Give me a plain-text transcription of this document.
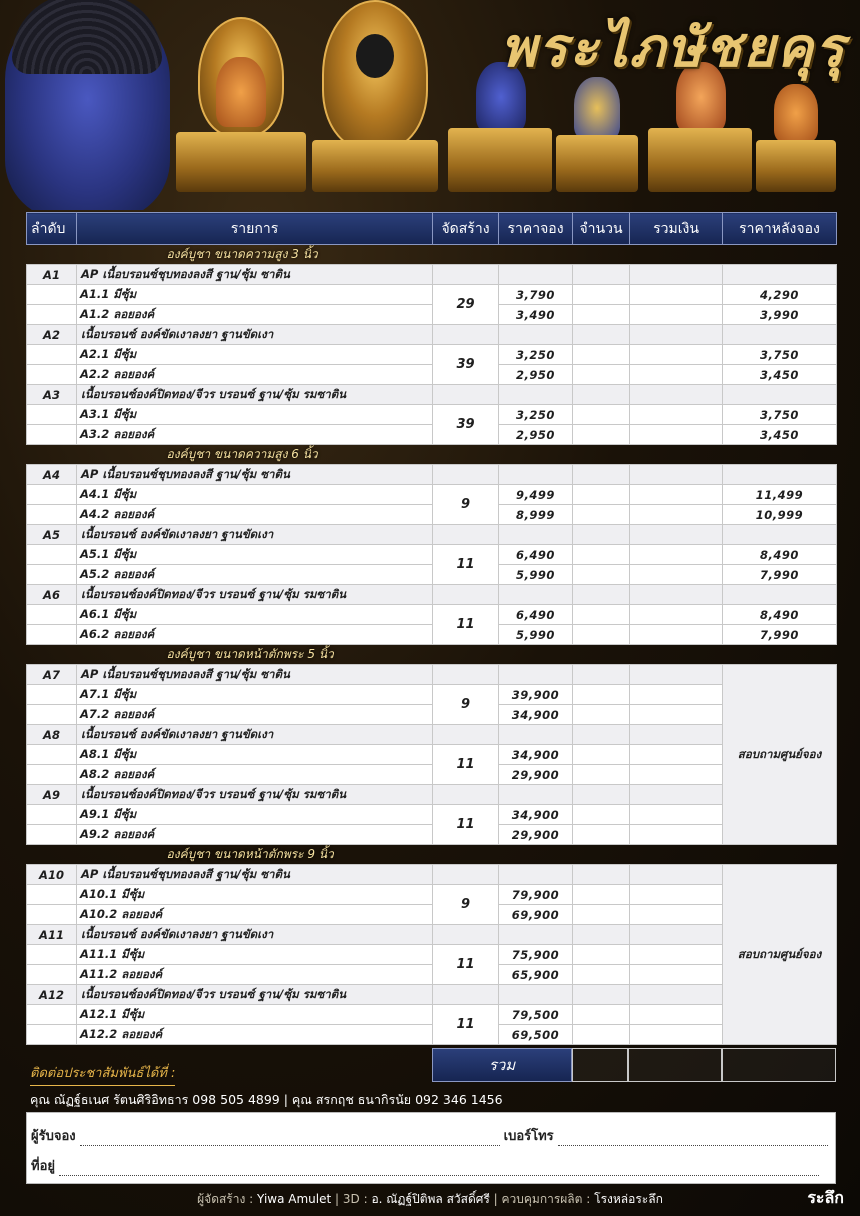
พระไภษัชยคุรุ
ลำดับ	รายการ	จัดสร้าง	ราคาจอง	จำนวน	รวมเงิน	ราคาหลังจอง
องค์บูชา ขนาดความสูง 3 นิ้ว						
A1	AP เนื้อบรอนซ์ชุบทองลงสี ฐาน/ซุ้ม ซาติน					
	A1.1 มีซุ้ม	29	3,790			4,290
	A1.2 ลอยองค์		3,490			3,990
A2	เนื้อบรอนซ์ องค์ขัดเงาลงยา ฐานขัดเงา					
	A2.1 มีซุ้ม	39	3,250			3,750
	A2.2 ลอยองค์		2,950			3,450
A3	เนื้อบรอนซ์องค์ปิดทอง/จีวร บรอนซ์ ฐาน/ซุ้ม รมซาติน					
	A3.1 มีซุ้ม	39	3,250			3,750
	A3.2 ลอยองค์		2,950			3,450
องค์บูชา ขนาดความสูง 6 นิ้ว						
A4	AP เนื้อบรอนซ์ชุบทองลงสี ฐาน/ซุ้ม ซาติน					
	A4.1 มีซุ้ม	9	9,499			11,499
	A4.2 ลอยองค์		8,999			10,999
A5	เนื้อบรอนซ์ องค์ขัดเงาลงยา ฐานขัดเงา					
	A5.1 มีซุ้ม	11	6,490			8,490
	A5.2 ลอยองค์		5,990			7,990
A6	เนื้อบรอนซ์องค์ปิดทอง/จีวร บรอนซ์ ฐาน/ซุ้ม รมซาติน					
	A6.1 มีซุ้ม	11	6,490			8,490
	A6.2 ลอยองค์		5,990			7,990
องค์บูชา ขนาดหน้าตักพระ 5 นิ้ว						
A7	AP เนื้อบรอนซ์ชุบทองลงสี ฐาน/ซุ้ม ซาติน					สอบถามศูนย์จอง
	A7.1 มีซุ้ม	9	39,900			
	A7.2 ลอยองค์		34,900			
A8	เนื้อบรอนซ์ องค์ขัดเงาลงยา ฐานขัดเงา					
	A8.1 มีซุ้ม	11	34,900			
	A8.2 ลอยองค์		29,900			
A9	เนื้อบรอนซ์องค์ปิดทอง/จีวร บรอนซ์ ฐาน/ซุ้ม รมซาติน					
	A9.1 มีซุ้ม	11	34,900			
	A9.2 ลอยองค์		29,900			
องค์บูชา ขนาดหน้าตักพระ 9 นิ้ว						
A10	AP เนื้อบรอนซ์ชุบทองลงสี ฐาน/ซุ้ม ซาติน					สอบถามศูนย์จอง
	A10.1 มีซุ้ม	9	79,900			
	A10.2 ลอยองค์		69,900			
A11	เนื้อบรอนซ์ องค์ขัดเงาลงยา ฐานขัดเงา					
	A11.1 มีซุ้ม	11	75,900			
	A11.2 ลอยองค์		65,900			
A12	เนื้อบรอนซ์องค์ปิดทอง/จีวร บรอนซ์ ฐาน/ซุ้ม รมซาติน					
	A12.1 มีซุ้ม	11	79,500			
	A12.2 ลอยองค์		69,500			
รวม
ติดต่อประชาสัมพันธ์ได้ที่ :
คุณ ณัฏฐ์ธเนศ รัตนศิริอิทธาร 098 505 4899 | คุณ สรกฤช ธนากิรนัย 092 346 1456
ผู้รับจอง	เบอร์โทร
ที่อยู่
ผู้จัดสร้าง : Yiwa Amulet | 3D : อ. ณัฏฐ์ปิติพล สวัสดิ์ศรี | ควบคุมการผลิต : โรงหล่อระลึก	ระลึก
